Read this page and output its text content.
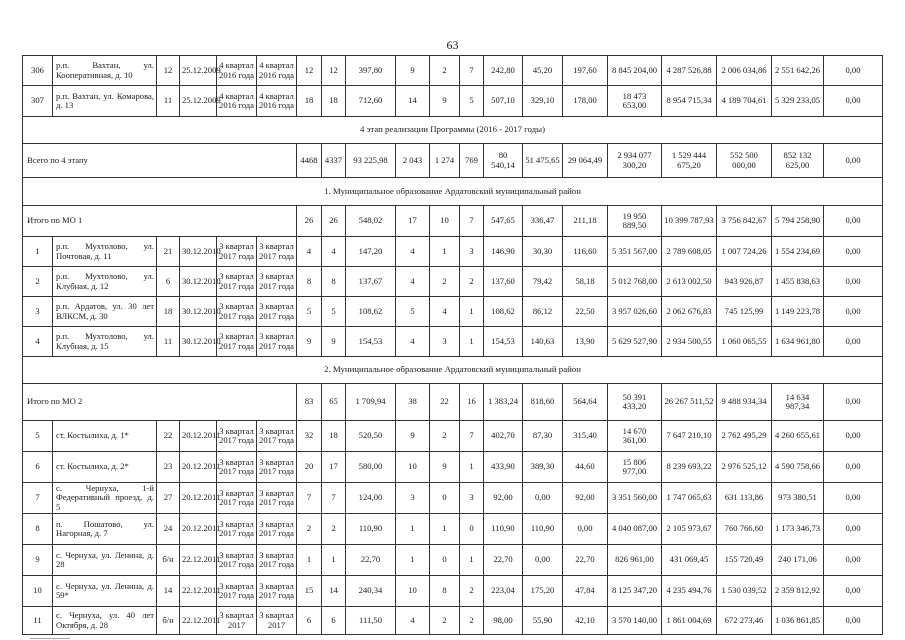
63
306	р.п. Вахтан, ул. Кооперативная, д. 10	12	25.12.2009	4 квартал 2016 года	4 квартал 2016 года	12	12	397,80	9	2	7	242,80	45,20	197,60	8 845 204,00	4 287 526,88	2 006 034,86	2 551 642,26	0,00
307	р.п. Вахтан, ул. Комарова, д. 13	11	25.12.2009	4 квартал 2016 года	4 квартал 2016 года	18	18	712,60	14	9	5	507,10	329,10	178,00	18 473 653,00	8 954 715,34	4 189 704,61	5 329 233,05	0,00
4 этап реализации Программы (2016 - 2017 годы)																			
Всего по 4 этапу						4468	4337	93 225,98	2 043	1 274	769	80 540,14	51 475,65	29 064,49	2 934 077 300,20	1 529 444 675,20	552 500 000,00	852 132 625,00	0,00
1. Муниципальное образование Ардатовский муниципальный район																			
Итого по МО 1						26	26	548,02	17	10	7	547,65	336,47	211,18	19 950 889,50	10 399 787,93	3 756 842,67	5 794 258,90	0,00
1	р.п. Мухтолово, ул. Почтовая, д. 11	21	30.12.2010	3 квартал 2017 года	3 квартал 2017 года	4	4	147,20	4	1	3	146,90	30,30	116,60	5 351 567,00	2 789 608,05	1 007 724,26	1 554 234,69	0,00
2	р.п. Мухтолово, ул. Клубная, д. 12	6	30.12.2010	3 квартал 2017 года	3 квартал 2017 года	8	8	137,67	4	2	2	137,60	79,42	58,18	5 012 768,00	2 613 002,50	943 926,87	1 455 838,63	0,00
3	р.п. Ардатов, ул. 30 лет ВЛКСМ, д. 30	18	30.12.2010	3 квартал 2017 года	3 квартал 2017 года	5	5	108,62	5	4	1	108,62	86,12	22,50	3 957 026,60	2 062 676,83	745 125,99	1 149 223,78	0,00
4	р.п. Мухтолово, ул. Клубная, д. 15	11	30.12.2010	3 квартал 2017 года	3 квартал 2017 года	9	9	154,53	4	3	1	154,53	140,63	13,90	5 629 527,90	2 934 500,55	1 060 065,55	1 634 961,80	0,00
2. Муниципальное образование Ардатовский муниципальный район																			
Итого по МО 2						83	65	1 709,94	38	22	16	1 383,24	818,60	564,64	50 391 433,20	26 267 511,52	9 488 934,34	14 634 987,34	0,00
5	ст. Костылиха, д. 1*	22	20.12.2011	3 квартал 2017 года	3 квартал 2017 года	32	18	520,50	9	2	7	402,70	87,30	315,40	14 670 361,00	7 647 210,10	2 762 495,29	4 260 655,61	0,00
6	ст. Костылиха, д. 2*	23	20.12.2011	3 квартал 2017 года	3 квартал 2017 года	20	17	580,00	10	9	1	433,90	389,30	44,60	15 806 977,00	8 239 693,22	2 976 525,12	4 590 758,66	0,00
7	с. Чернуха, 1-й Федеративный проезд, д. 5	27	20.12.2011	3 квартал 2017 года	3 квартал 2017 года	7	7	124,00	3	0	3	92,00	0,00	92,00	3 351 560,00	1 747 065,63	631 113,86	973 380,51	0,00
8	п. Пошатово, ул. Нагорная, д. 7	24	20.12.2011	3 квартал 2017 года	3 квартал 2017 года	2	2	110,90	1	1	0	110,90	110,90	0,00	4 040 087,00	2 105 973,67	760 766,60	1 173 346,73	0,00
9	с. Чернуха, ул. Ленина, д. 28	б/н	22.12.2011	3 квартал 2017 года	3 квартал 2017 года	1	1	22,70	1	0	1	22,70	0,00	22,70	826 961,00	431 069,45	155 720,49	240 171,06	0,00
10	с. Чернуха, ул. Ленина, д. 59*	14	22.12.2011	3 квартал 2017 года	3 квартал 2017 года	15	14	240,34	10	8	2	223,04	175,20	47,84	8 125 347,20	4 235 494,76	1 530 039,52	2 359 812,92	0,00
11	с. Чернуха, ул. 40 лет Октября, д. 28	б/н	22.12.2011	3 квартал 2017	3 квартал 2017	6	6	111,50	4	2	2	98,00	55,90	42,10	3 570 140,00	1 861 004,69	672 273,46	1 036 861,85	0,00
